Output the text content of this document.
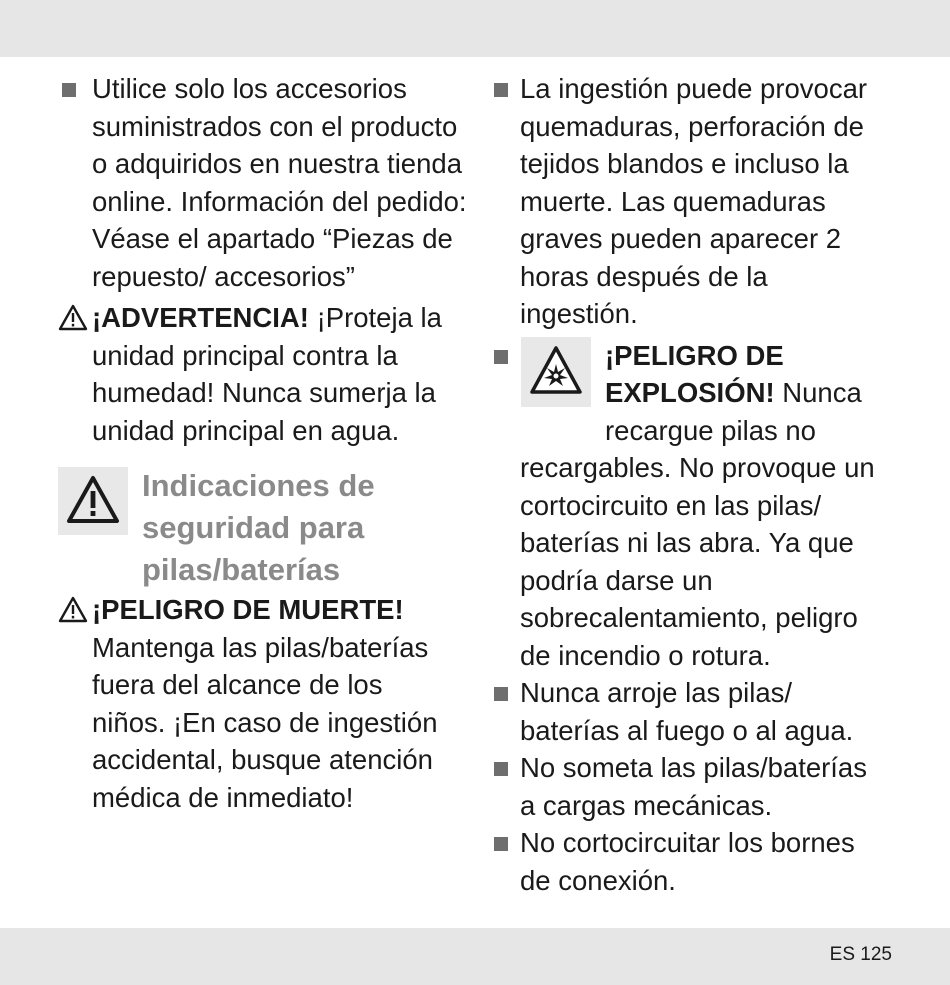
Utilice solo los accesorios suministrados con el producto o adquiridos en nuestra tienda online. Información del pedido: Véase el apartado “Piezas de repuesto/ accesorios”
¡ADVERTENCIA! ¡Proteja la unidad principal contra la humedad! Nunca sumerja la unidad principal en agua.
Indicaciones de seguridad para pilas/baterías
¡PELIGRO DE MUERTE!
Mantenga las pilas/baterías fuera del alcance de los niños. ¡En caso de ingestión accidental, busque atención médica de inmediato!
La ingestión puede provocar quemaduras, perforación de tejidos blandos e incluso la muerte. Las quemaduras graves pueden aparecer 2 horas después de la ingestión.
¡PELIGRO DE
EXPLOSIÓN! Nunca
recargue pilas no
recargables. No provoque un cortocircuito en las pilas/ baterías ni las abra. Ya que podría darse un sobrecalentamiento, peligro de incendio o rotura.
Nunca arroje las pilas/ baterías al fuego o al agua.
No someta las pilas/baterías a cargas mecánicas.
No cortocircuitar los bornes de conexión.
ES 125
